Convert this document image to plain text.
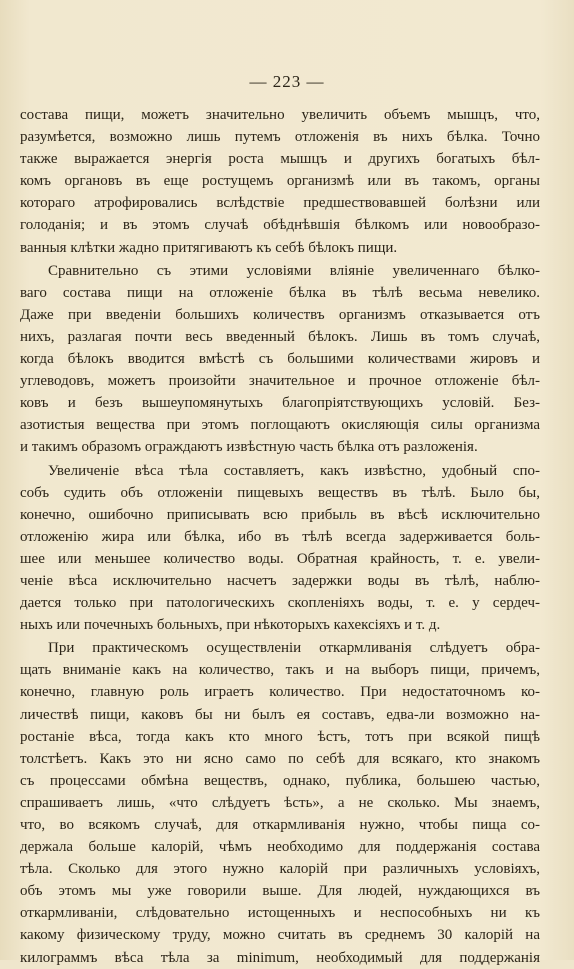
— 223 —
состава пищи, можетъ значительно увеличить объемъ мышцъ, что,
разумѣется, возможно лишь путемъ отложенія въ нихъ бѣлка. Точно
также выражается энергія роста мышцъ и другихъ богатыхъ бѣл-
комъ органовъ въ еще ростущемъ организмѣ или въ такомъ, органы
котораго атрофировались вслѣдствіе предшествовавшей болѣзни или
голоданія; и въ этомъ случаѣ обѣднѣвшія бѣлкомъ или новообразо-
ванныя клѣтки жадно притягиваютъ къ себѣ бѣлокъ пищи.
Сравнительно съ этими условіями вліяніе увеличеннаго бѣлко-
ваго состава пищи на отложеніе бѣлка въ тѣлѣ весьма невелико.
Даже при введеніи большихъ количествъ организмъ отказывается отъ
нихъ, разлагая почти весь введенный бѣлокъ. Лишь въ томъ случаѣ,
когда бѣлокъ вводится вмѣстѣ съ большими количествами жировъ и
углеводовъ, можетъ произойти значительное и прочное отложеніе бѣл-
ковъ и безъ вышеупомянутыхъ благопріятствующихъ условій. Без-
азотистыя вещества при этомъ поглощаютъ окисляющія силы организма
и такимъ образомъ ограждаютъ извѣстную часть бѣлка отъ разложенія.
Увеличеніе вѣса тѣла составляетъ, какъ извѣстно, удобный спо-
собъ судить объ отложеніи пищевыхъ веществъ въ тѣлѣ. Было бы,
конечно, ошибочно приписывать всю прибыль въ вѣсѣ исключительно
отложенію жира или бѣлка, ибо въ тѣлѣ всегда задерживается боль-
шее или меньшее количество воды. Обратная крайность, т. е. увели-
ченіе вѣса исключительно насчетъ задержки воды въ тѣлѣ, наблю-
дается только при патологическихъ скопленіяхъ воды, т. е. у сердеч-
ныхъ или почечныхъ больныхъ, при нѣкоторыхъ кахексіяхъ и т. д.
При практическомъ осуществленіи откармливанія слѣдуетъ обра-
щать вниманіе какъ на количество, такъ и на выборъ пищи, причемъ,
конечно, главную роль играетъ количество. При недостаточномъ ко-
личествѣ пищи, каковъ бы ни былъ ея составъ, едва-ли возможно на-
ростаніе вѣса, тогда какъ кто много ѣстъ, тотъ при всякой пищѣ
толстѣетъ. Какъ это ни ясно само по себѣ для всякаго, кто знакомъ
съ процессами обмѣна веществъ, однако, публика, большею частью,
спрашиваетъ лишь, «что слѣдуетъ ѣсть», а не сколько. Мы знаемъ,
что, во всякомъ случаѣ, для откармливанія нужно, чтобы пища со-
держала больше калорій, чѣмъ необходимо для поддержанія состава
тѣла. Сколько для этого нужно калорій при различныхъ условіяхъ,
объ этомъ мы уже говорили выше. Для людей, нуждающихся въ
откармливаніи, слѣдовательно истощенныхъ и неспособныхъ ни къ
какому физическому труду, можно считать въ среднемъ 30 калорій на
килограммъ вѣса тѣла за minimum, необходимый для поддержанія
